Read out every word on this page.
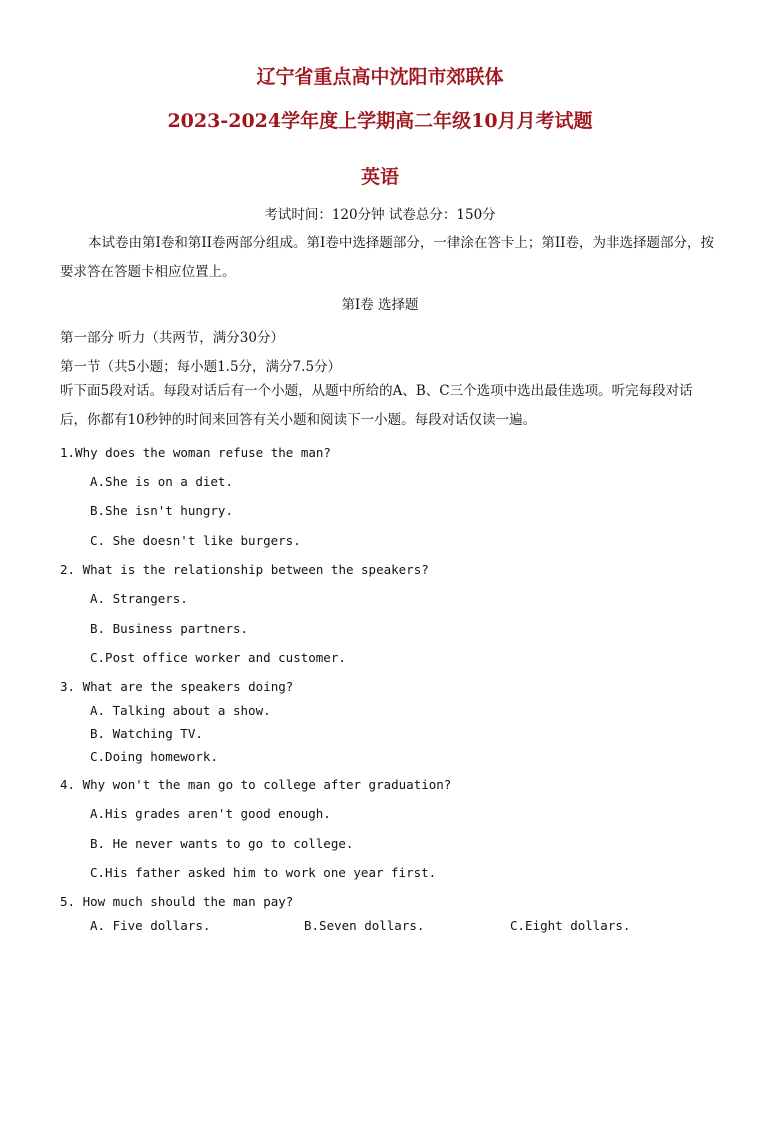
辽宁省重点高中沈阳市郊联体
2023-2024学年度上学期高二年级10月月考试题
英语
考试时间：120分钟 试卷总分：150分
本试卷由第I卷和第II卷两部分组成。第I卷中选择题部分，一律涂在答卡上；第II卷，为非选择题部分，按要求答在答题卡相应位置上。
第I卷 选择题
第一部分 听力（共两节，满分30分）
第一节（共5小题；每小题1.5分，满分7.5分）
听下面5段对话。每段对话后有一个小题，从题中所给的A、B、C三个选项中选出最佳选项。听完每段对话后，你都有10秒钟的时间来回答有关小题和阅读下一小题。每段对话仅读一遍。
1.Why does the woman refuse the man?
A.She is on a diet.
B.She isn't hungry.
C. She doesn't like burgers.
2. What is the relationship between the speakers?
A. Strangers.
B. Business partners.
C.Post office worker and customer.
3. What are the speakers doing?
A. Talking about a show.
B. Watching TV.
C.Doing homework.
4. Why won't the man go to college after graduation?
A.His grades aren't good enough.
B. He never wants to go to college.
C.His father asked him to work one year first.
5. How much should the man pay?
A. Five dollars.	B.Seven dollars.	C.Eight dollars.
